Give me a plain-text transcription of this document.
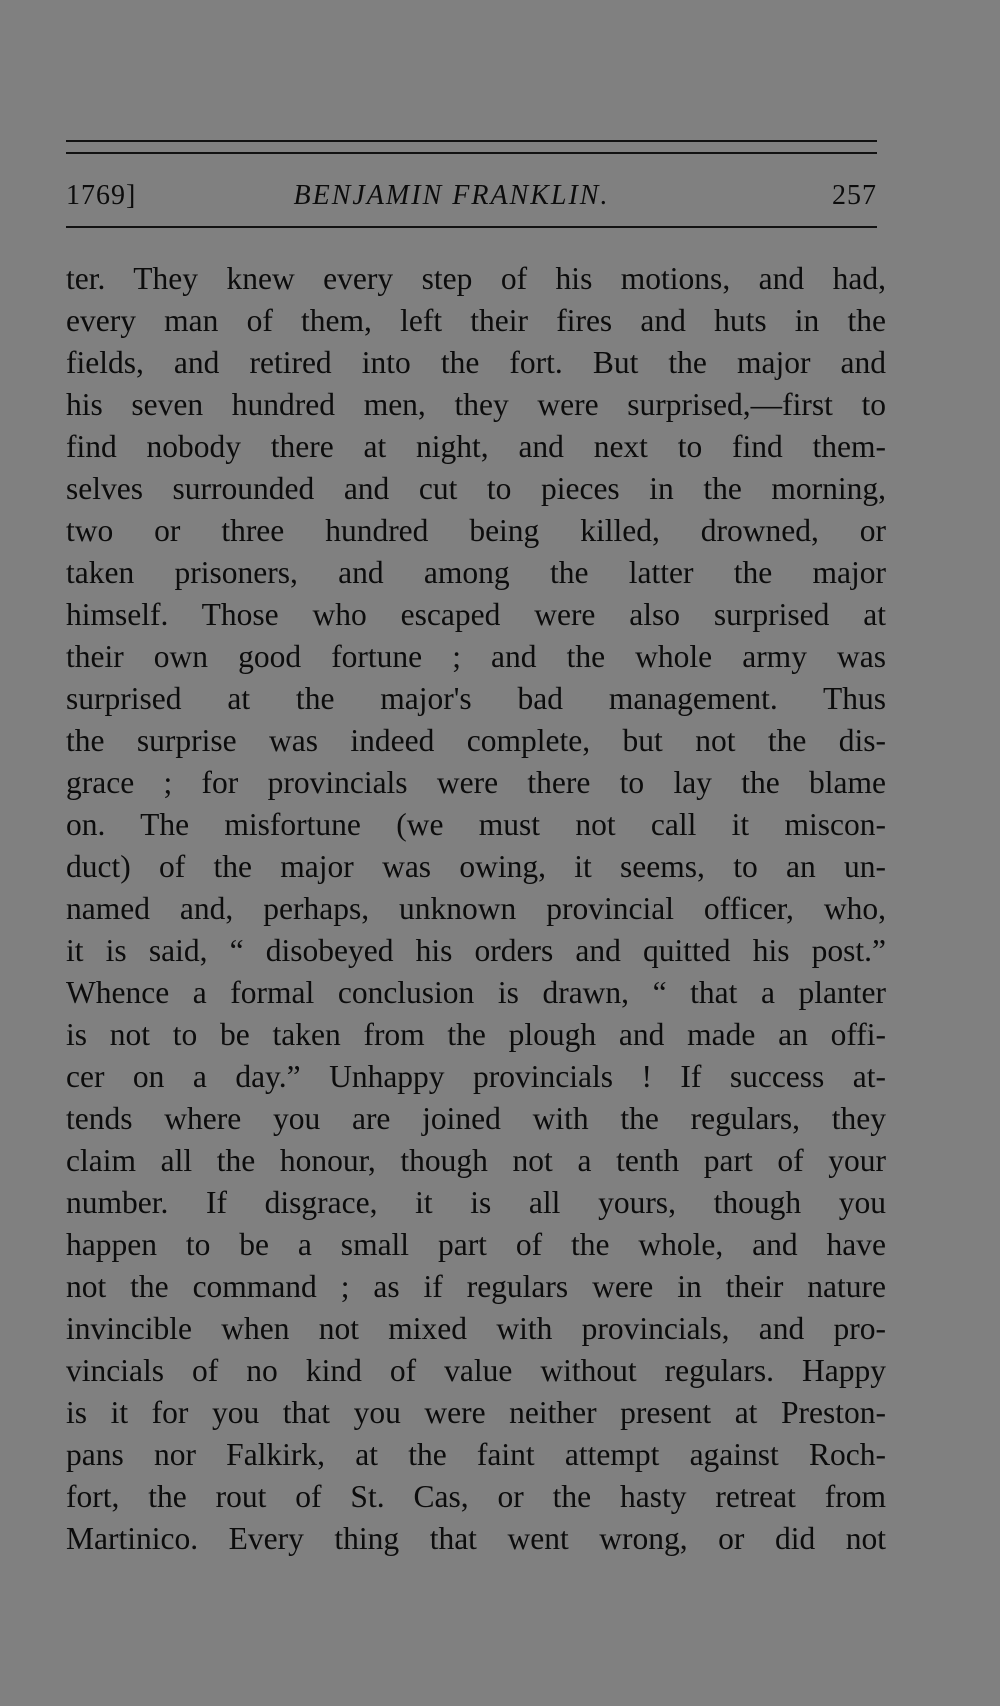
1769]	BENJAMIN FRANKLIN.	257
ter. They knew every step of his motions, and had,
every man of them, left their fires and huts in the
fields, and retired into the fort. But the major and
his seven hundred men, they were surprised,—first to
find nobody there at night, and next to find them-
selves surrounded and cut to pieces in the morning,
two or three hundred being killed, drowned, or
taken prisoners, and among the latter the major
himself. Those who escaped were also surprised at
their own good fortune ; and the whole army was
surprised at the major's bad management. Thus
the surprise was indeed complete, but not the dis-
grace ; for provincials were there to lay the blame
on. The misfortune (we must not call it miscon-
duct) of the major was owing, it seems, to an un-
named and, perhaps, unknown provincial officer, who,
it is said, “ disobeyed his orders and quitted his post.”
Whence a formal conclusion is drawn, “ that a planter
is not to be taken from the plough and made an offi-
cer on a day.” Unhappy provincials ! If success at-
tends where you are joined with the regulars, they
claim all the honour, though not a tenth part of your
number. If disgrace, it is all yours, though you
happen to be a small part of the whole, and have
not the command ; as if regulars were in their nature
invincible when not mixed with provincials, and pro-
vincials of no kind of value without regulars. Happy
is it for you that you were neither present at Preston-
pans nor Falkirk, at the faint attempt against Roch-
fort, the rout of St. Cas, or the hasty retreat from
Martinico. Every thing that went wrong, or did not
